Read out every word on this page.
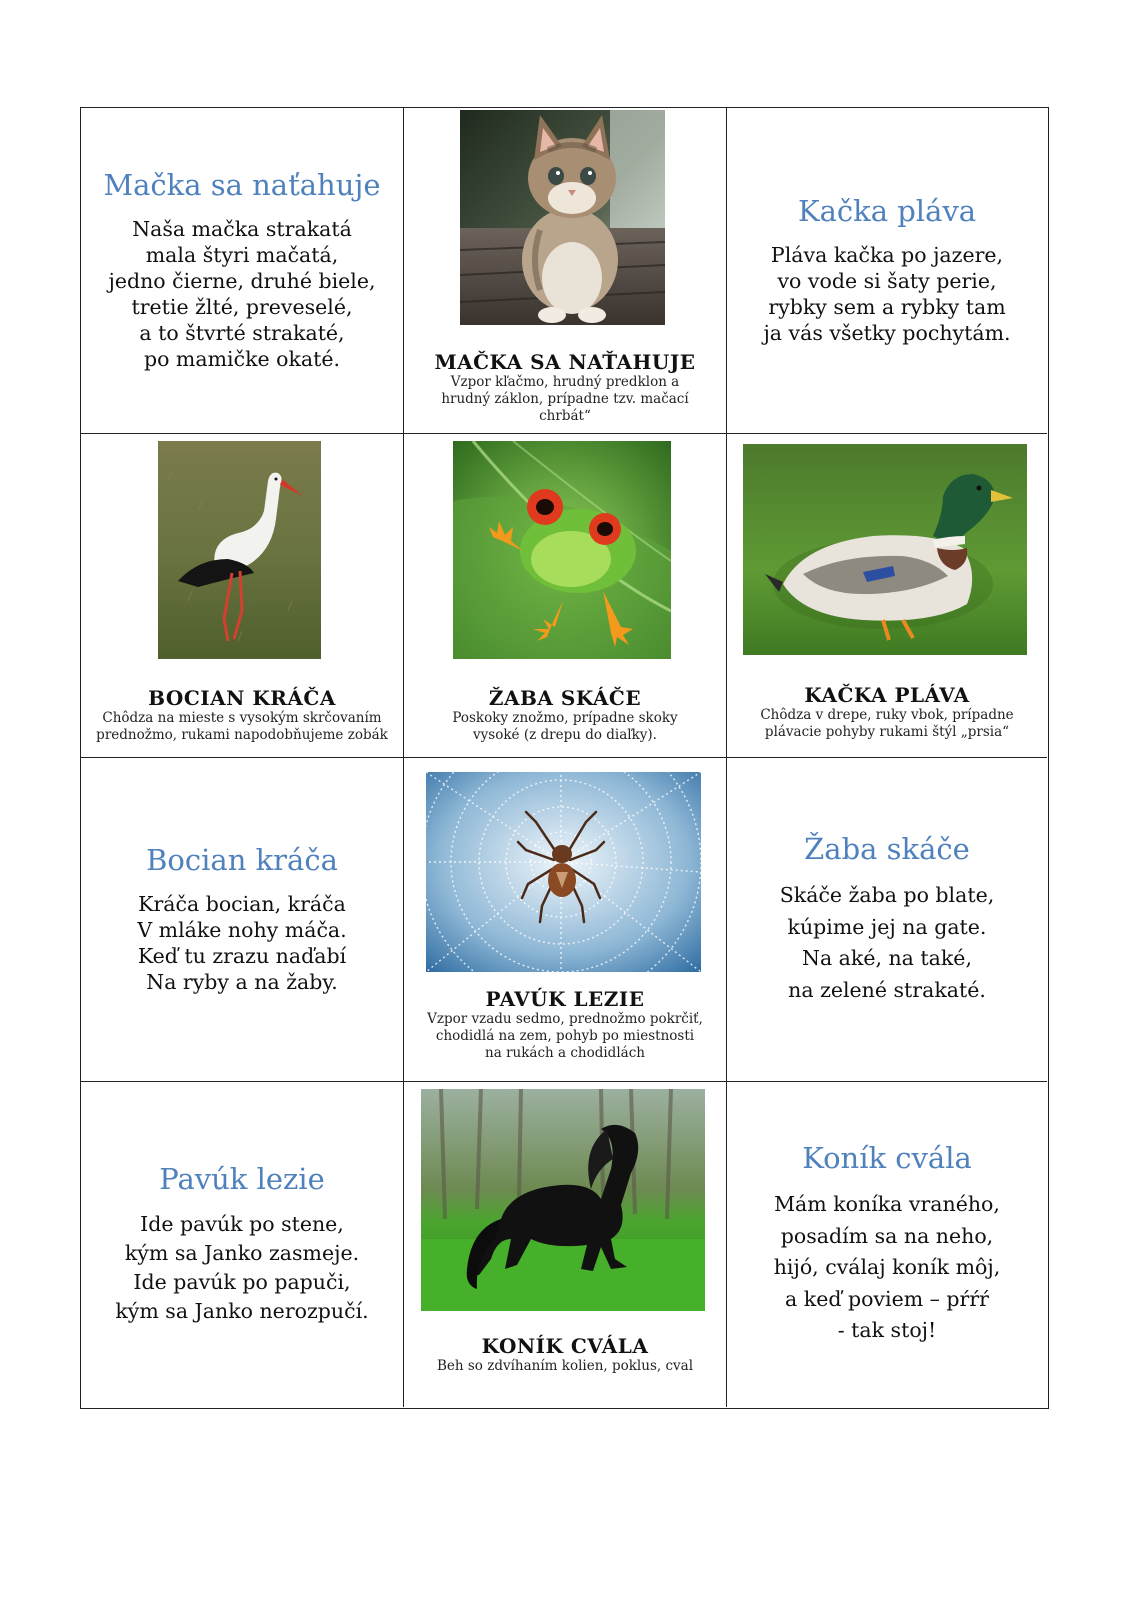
Mačka sa naťahuje
Naša mačka strakatá
mala štyri mačatá,
jedno čierne, druhé biele,
tretie žlté, preveselé,
a to štvrté strakaté,
po mamičke okaté.	MAČKA SA NAŤAHUJE
Vzpor kľačmo, hrudný predklon a hrudný záklon, prípadne tzv. mačací chrbát“
Kačka pláva
Pláva kačka po jazere,
vo vode si šaty perie,
rybky sem a rybky tam
ja vás všetky pochytám.
BOCIAN KRÁČA
Chôdza na mieste s vysokým skrčovaním prednožmo, rukami napodobňujeme zobák
ŽABA SKÁČE
Poskoky znožmo, prípadne skoky vysoké (z drepu do diaľky).
KAČKA PLÁVA
Chôdza v drepe, ruky vbok, prípadne plávacie pohyby rukami štýl „prsia“
Bocian kráča
Kráča bocian, kráča
V mláke nohy máča.
Keď tu zrazu naďabí
Na ryby a na žaby.
PAVÚK LEZIE
Vzpor vzadu sedmo, prednožmo pokrčiť, chodidlá na zem, pohyb po miestnosti na rukách a chodidlách
Žaba skáče
Skáče žaba po blate,
kúpime jej na gate.
Na aké, na také,
na zelené strakaté.
Pavúk lezie
Ide pavúk po stene,
kým sa Janko zasmeje.
Ide pavúk po papuči,
kým sa Janko nerozpučí.
KONÍK CVÁLA
Beh so zdvíhaním kolien, poklus, cval
Koník cvála
Mám koníka vraného,
posadím sa na neho,
hijó, cválaj koník môj,
a keď poviem – pŕŕŕ
- tak stoj!
